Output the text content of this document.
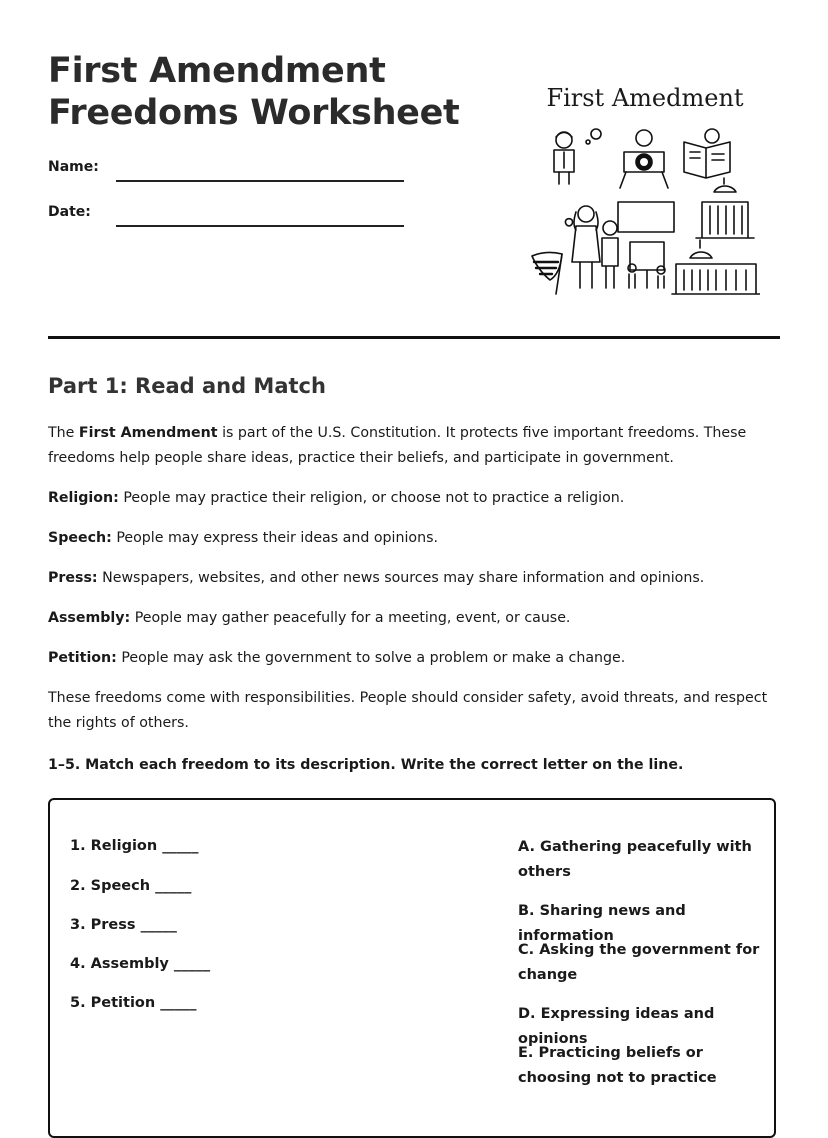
First Amendment
Freedoms Worksheet
Name:
Date:
First Amedment
Part 1: Read and Match

The First Amendment is part of the U.S. Constitution. It protects five important freedoms. These freedoms help people share ideas, practice their beliefs, and participate in government.

Religion: People may practice their religion, or choose not to practice a religion.

Speech: People may express their ideas and opinions.

Press: Newspapers, websites, and other news sources may share information and opinions.

Assembly: People may gather peacefully for a meeting, event, or cause.

Petition: People may ask the government to solve a problem or make a change.

These freedoms come with responsibilities. People should consider safety, avoid threats, and respect the rights of others.

1–5. Match each freedom to its description. Write the correct letter on the line.

1. Religion _____
2. Speech _____
3. Press _____
4. Assembly _____
5. Petition _____
A. Gathering peacefully with others
B. Sharing news and information
C. Asking the government for change
D. Expressing ideas and opinions
E. Practicing beliefs or choosing not to practice
